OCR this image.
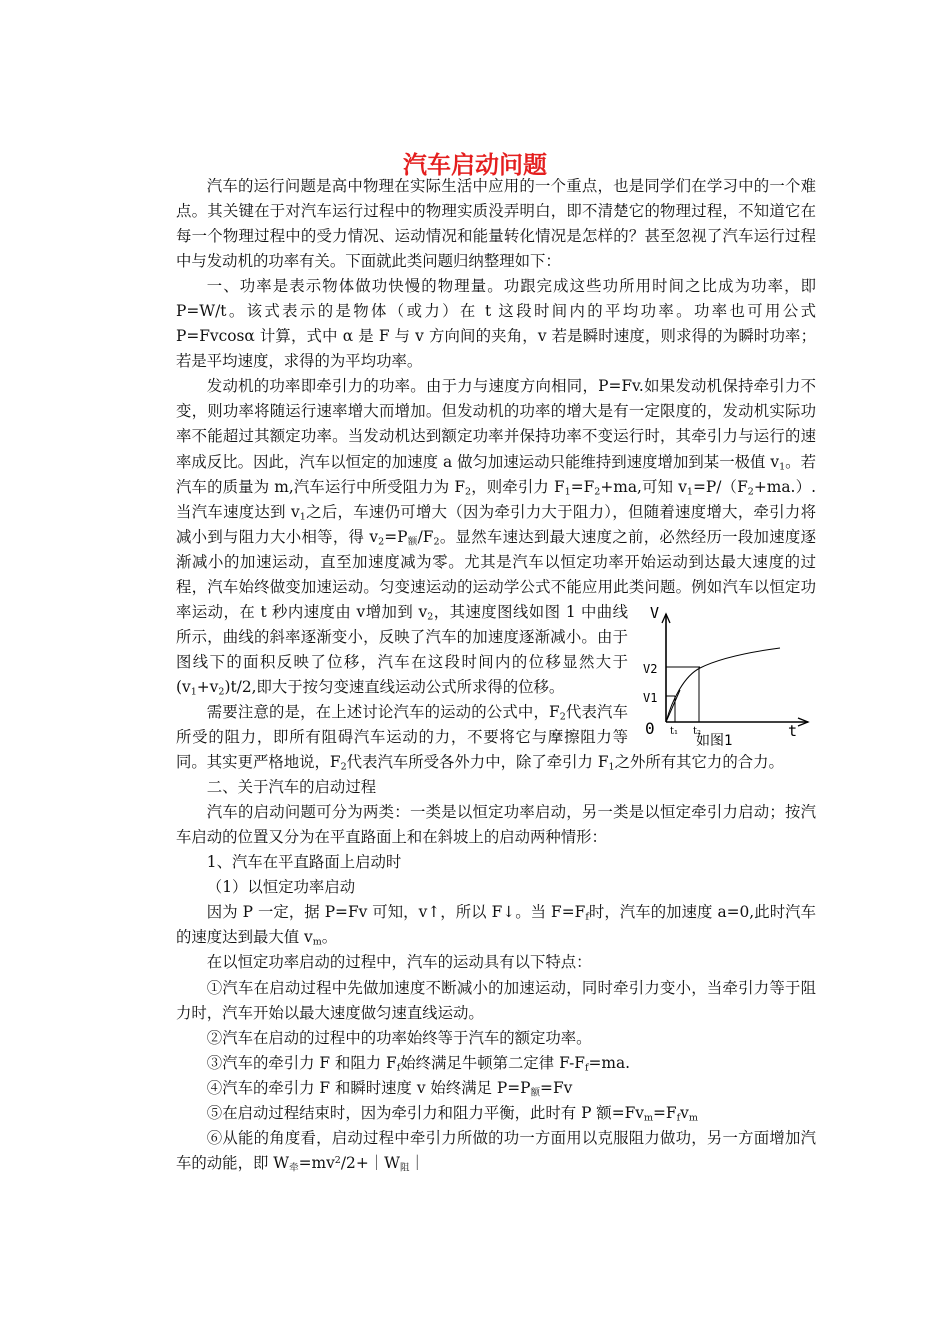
汽车启动问题

汽车的运行问题是高中物理在实际生活中应用的一个重点，也是同学们在学习中的一个难点。其关键在于对汽车运行过程中的物理实质没弄明白，即不清楚它的物理过程，不知道它在每一个物理过程中的受力情况、运动情况和能量转化情况是怎样的？甚至忽视了汽车运行过程中与发动机的功率有关。下面就此类问题归纳整理如下：

一、功率是表示物体做功快慢的物理量。功跟完成这些功所用时间之比成为功率，即 P=W/t。该式表示的是物体（或力）在 t 这段时间内的平均功率。功率也可用公式 P=Fvcosα 计算，式中 α 是 F 与 v 方向间的夹角，v 若是瞬时速度，则求得的为瞬时功率；若是平均速度，求得的为平均功率。

发动机的功率即牵引力的功率。由于力与速度方向相同，P=Fv.如果发动机保持牵引力不变，则功率将随运行速率增大而增加。但发动机的功率的增大是有一定限度的，发动机实际功率不能超过其额定功率。当发动机达到额定功率并保持功率不变运行时，其牵引力与运行的速率成反比。因此，汽车以恒定的加速度 a 做匀加速运动只能维持到速度增加到某一极值 $v_1$。若汽车的质量为 m,汽车运行中所受阻力为 $F_2$，则牵引力 $F_1=F_2+ma$,可知 $v_1=P/(F_2+ma.)$.当汽车速度达到 $v_1$之后，车速仍可增大（因为牵引力大于阻力），但随着速度增大，牵引力将减小到与阻力大小相等，得 $v_2=P_额/F_2$。显然车速达到最大速度之前，必然经历一段加速度逐渐减小的加速运动，直至加速度减为零。尤其是汽车以恒定功率开始运动到达最大速度的过程，汽车始终做变加速运动。匀变速运动的运动学公式不能应用此类问题。例如汽车以恒定功率运动，在 t 秒内速度由 v	V
V2
V1
0 t₁ t₂	t
如图1
增加到 $v_2$，其速度图线如图 1 中曲线所示，曲线的斜率逐渐变小，反映了汽车的加速度逐渐减小。由于图线下的面积反映了位移，汽车在这段时间内的位移显然大于$(v_1+v_2)t/2$,即大于按匀变速直线运动公式所求得的位移。

需要注意的是，在上述讨论汽车的运动的公式中，$F_2$代表汽车所受的阻力，即所有阻碍汽车运动的力，不要将它与摩擦阻力等同。其实更严格地说，$F_2$代表汽车所受各外力中，除了牵引力 $F_1$之外所有其它力的合力。

二、关于汽车的启动过程

汽车的启动问题可分为两类：一类是以恒定功率启动，另一类是以恒定牵引力启动；按汽车启动的位置又分为在平直路面上和在斜坡上的启动两种情形：

1、汽车在平直路面上启动时

（1）以恒定功率启动

因为 P 一定，据 P=Fv 可知，v↑，所以 F↓。当 $F=F_f$时，汽车的加速度 a=0,此时汽车的速度达到最大值 $v_m$。

在以恒定功率启动的过程中，汽车的运动具有以下特点：

①汽车在启动过程中先做加速度不断减小的加速运动，同时牵引力变小，当牵引力等于阻力时，汽车开始以最大速度做匀速直线运动。

②汽车在启动的过程中的功率始终等于汽车的额定功率。

③汽车的牵引力 F 和阻力 $F_f$始终满足牛顿第二定律 $F-F_f=ma$.

④汽车的牵引力 F 和瞬时速度 v 始终满足 $P=P_额=Fv$

⑤在启动过程结束时，因为牵引力和阻力平衡，此时有 P 额$=Fv_m=F_fv_m$

⑥从能的角度看，启动过程中牵引力所做的功一方面用以克服阻力做功，另一方面增加汽车的动能，即 $W_牵=mv^2/2+|W_阻|$
